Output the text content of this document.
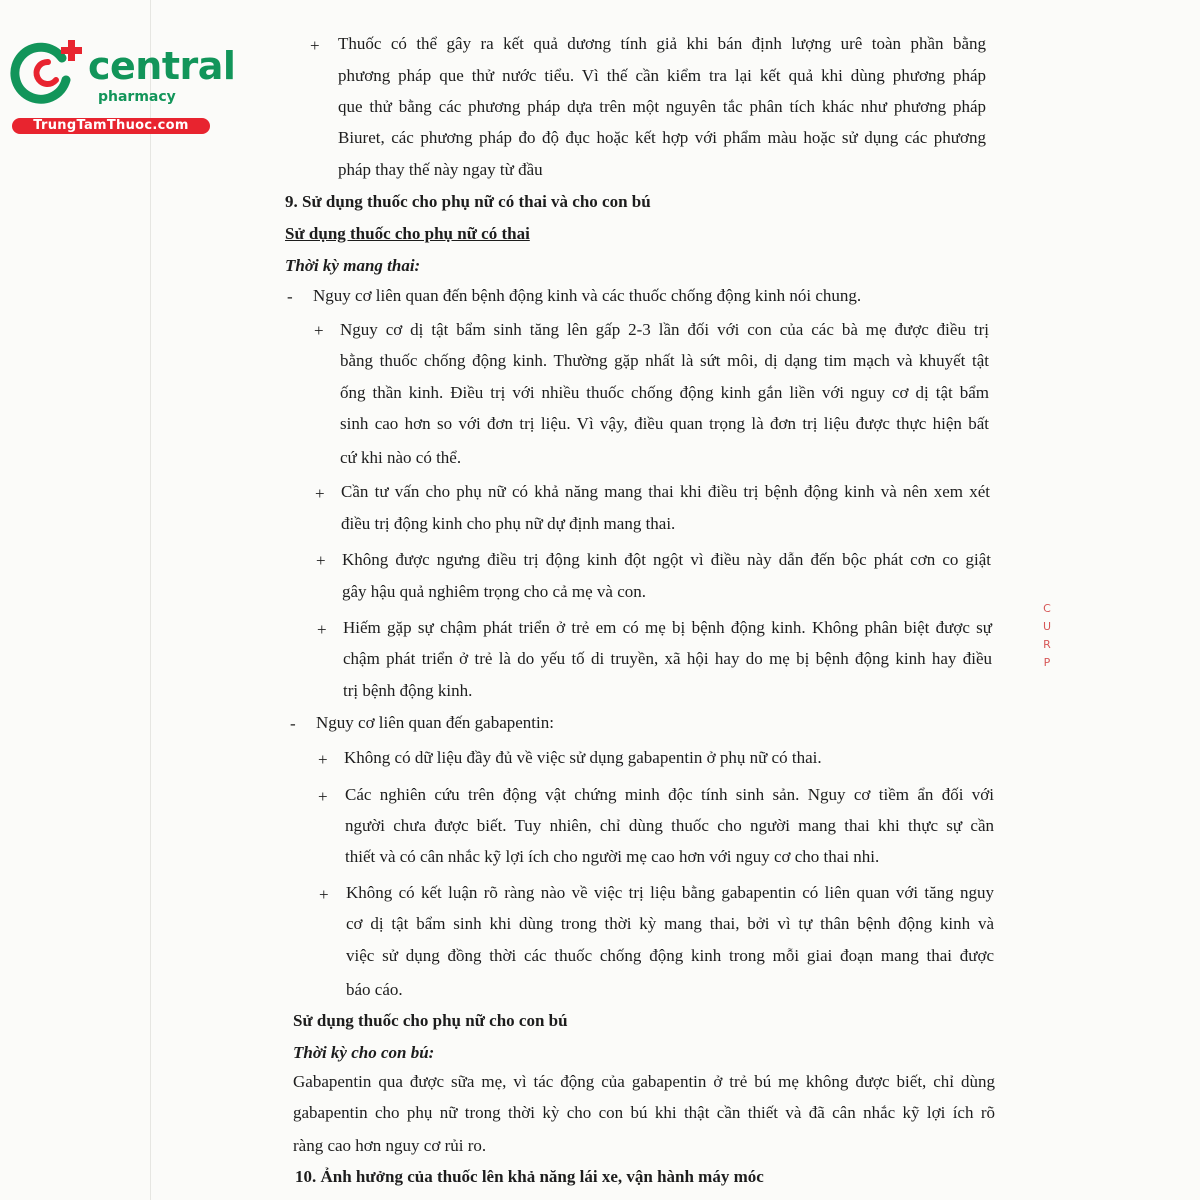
central
pharmacy
TrungTamThuoc.com
+ Thuốc có thể gây ra kết quả dương tính giả khi bán định lượng urê toàn phần bằng
phương pháp que thử nước tiểu. Vì thế cần kiểm tra lại kết quả khi dùng phương pháp
que thử bằng các phương pháp dựa trên một nguyên tắc phân tích khác như phương pháp
Biuret, các phương pháp đo độ đục hoặc kết hợp với phẩm màu hoặc sử dụng các phương
pháp thay thế này ngay từ đầu
9. Sử dụng thuốc cho phụ nữ có thai và cho con bú
Sử dụng thuốc cho phụ nữ có thai
Thời kỳ mang thai:
- Nguy cơ liên quan đến bệnh động kinh và các thuốc chống động kinh nói chung.
+ Nguy cơ dị tật bẩm sinh tăng lên gấp 2-3 lần đối với con của các bà mẹ được điều trị
bằng thuốc chống động kinh. Thường gặp nhất là sứt môi, dị dạng tim mạch và khuyết tật
ống thần kinh. Điều trị với nhiều thuốc chống động kinh gắn liền với nguy cơ dị tật bẩm
sinh cao hơn so với đơn trị liệu. Vì vậy, điều quan trọng là đơn trị liệu được thực hiện bất
cứ khi nào có thể.
+ Cần tư vấn cho phụ nữ có khả năng mang thai khi điều trị bệnh động kinh và nên xem xét
điều trị động kinh cho phụ nữ dự định mang thai.
+ Không được ngưng điều trị động kinh đột ngột vì điều này dẫn đến bộc phát cơn co giật
gây hậu quả nghiêm trọng cho cả mẹ và con.
+ Hiếm gặp sự chậm phát triển ở trẻ em có mẹ bị bệnh động kinh. Không phân biệt được sự
chậm phát triển ở trẻ là do yếu tố di truyền, xã hội hay do mẹ bị bệnh động kinh hay điều
trị bệnh động kinh.
- Nguy cơ liên quan đến gabapentin:
+ Không có dữ liệu đầy đủ về việc sử dụng gabapentin ở phụ nữ có thai.
+ Các nghiên cứu trên động vật chứng minh độc tính sinh sản. Nguy cơ tiềm ẩn đối với
người chưa được biết. Tuy nhiên, chỉ dùng thuốc cho người mang thai khi thực sự cần
thiết và có cân nhắc kỹ lợi ích cho người mẹ cao hơn với nguy cơ cho thai nhi.
+ Không có kết luận rõ ràng nào về việc trị liệu bằng gabapentin có liên quan với tăng nguy
cơ dị tật bẩm sinh khi dùng trong thời kỳ mang thai, bởi vì tự thân bệnh động kinh và
việc sử dụng đồng thời các thuốc chống động kinh trong mỗi giai đoạn mang thai được
báo cáo.
Sử dụng thuốc cho phụ nữ cho con bú
Thời kỳ cho con bú:
Gabapentin qua được sữa mẹ, vì tác động của gabapentin ở trẻ bú mẹ không được biết, chỉ dùng
gabapentin cho phụ nữ trong thời kỳ cho con bú khi thật cần thiết và đã cân nhắc kỹ lợi ích rõ
ràng cao hơn nguy cơ rủi ro.
10. Ảnh hưởng của thuốc lên khả năng lái xe, vận hành máy móc
CURP
